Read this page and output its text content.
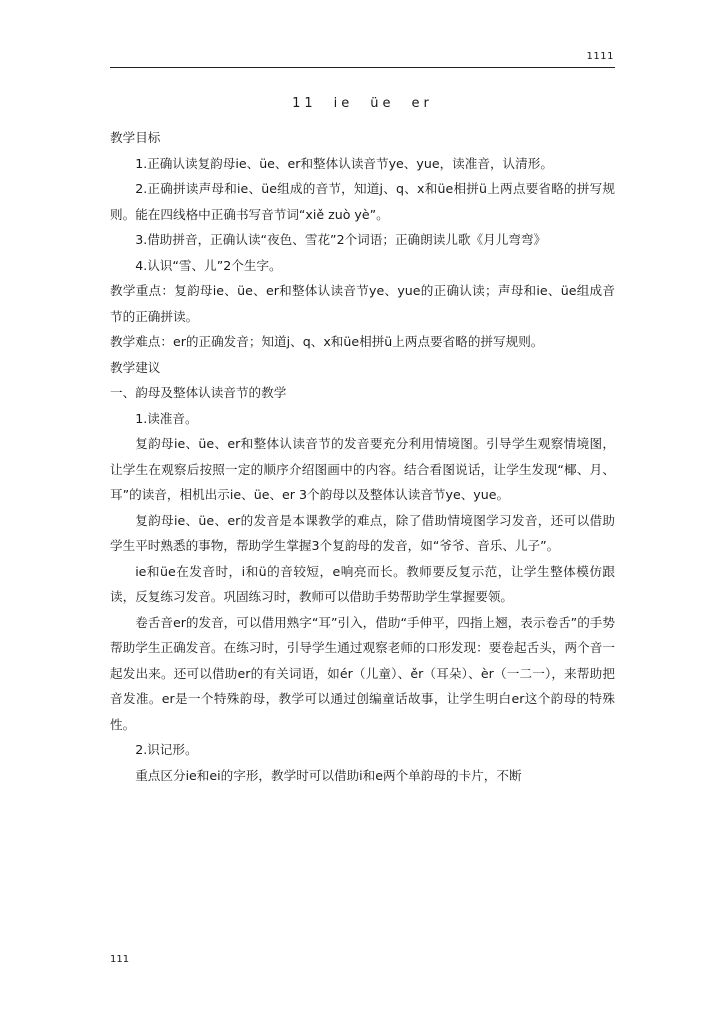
1111
11　ie　üe　er

教学目标

1.正确认读复韵母ie、üe、er和整体认读音节ye、yue，读准音，认清形。

2.正确拼读声母和ie、üe组成的音节，知道j、q、x和üe相拼ü上两点要省略的拼写规则。能在四线格中正确书写音节词“xiě zuò yè”。

3.借助拼音，正确认读“夜色、雪花”2个词语；正确朗读儿歌《月儿弯弯》

4.认识“雪、儿”2个生字。

教学重点：复韵母ie、üe、er和整体认读音节ye、yue的正确认读；声母和ie、üe组成音节的正确拼读。

教学难点：er的正确发音；知道j、q、x和üe相拼ü上两点要省略的拼写规则。

教学建议

一、韵母及整体认读音节的教学

1.读准音。

复韵母ie、üe、er和整体认读音节的发音要充分利用情境图。引导学生观察情境图，让学生在观察后按照一定的顺序介绍图画中的内容。结合看图说话，让学生发现“椰、月、耳”的读音，相机出示ie、üe、er 3个韵母以及整体认读音节ye、yue。

复韵母ie、üe、er的发音是本课教学的难点，除了借助情境图学习发音，还可以借助学生平时熟悉的事物，帮助学生掌握3个复韵母的发音，如“爷爷、音乐、儿子”。

ie和üe在发音时，i和ü的音较短，e响亮而长。教师要反复示范，让学生整体模仿跟读，反复练习发音。巩固练习时，教师可以借助手势帮助学生掌握要领。

卷舌音er的发音，可以借用熟字“耳”引入，借助“手伸平，四指上翘，表示卷舌”的手势帮助学生正确发音。在练习时，引导学生通过观察老师的口形发现：要卷起舌头，两个音一起发出来。还可以借助er的有关词语，如ér（儿童）、ěr（耳朵）、èr（一二一），来帮助把音发准。er是一个特殊韵母，教学可以通过创编童话故事，让学生明白er这个韵母的特殊性。

2.识记形。

重点区分ie和ei的字形，教学时可以借助i和e两个单韵母的卡片，不断

111
